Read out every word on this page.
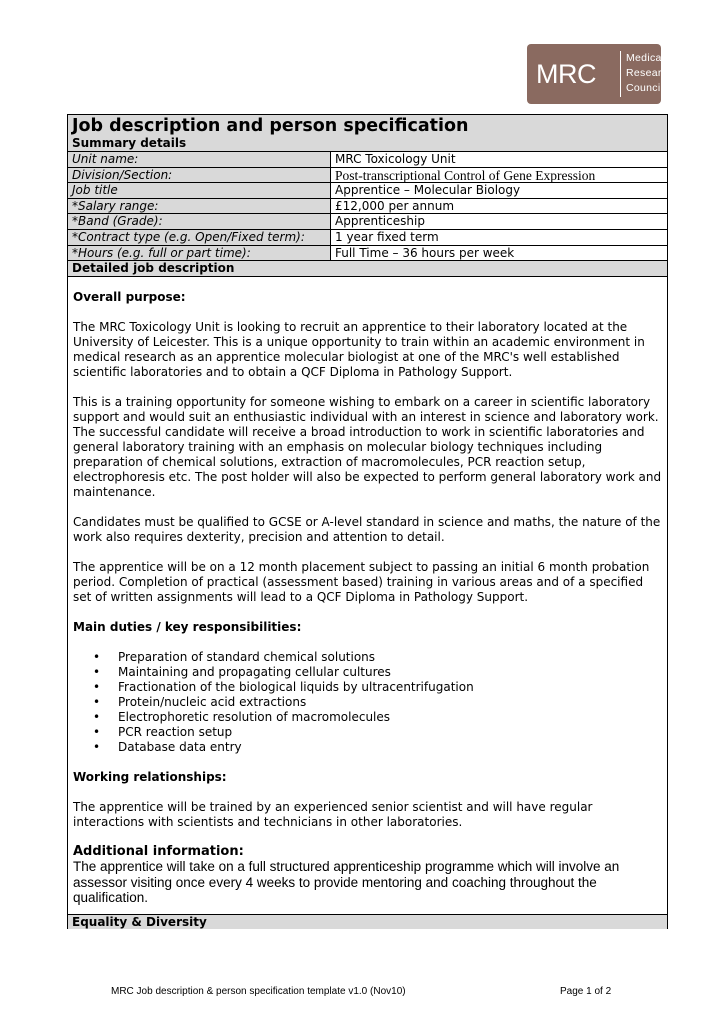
MRC
Medical
Research
Council
Job description and person specification
Summary details
Unit name:	MRC Toxicology Unit
Division/Section:	Post-transcriptional Control of Gene Expression
Job title	Apprentice – Molecular Biology
*Salary range:	£12,000 per annum
*Band (Grade):	Apprenticeship
*Contract type (e.g. Open/Fixed term):	1 year fixed term
*Hours (e.g. full or part time):	Full Time – 36 hours per week
Detailed job description
Overall purpose:

The MRC Toxicology Unit is looking to recruit an apprentice to their laboratory located at the University of Leicester. This is a unique opportunity to train within an academic environment in medical research as an apprentice molecular biologist at one of the MRC's well established scientific laboratories and to obtain a QCF Diploma in Pathology Support.

This is a training opportunity for someone wishing to embark on a career in scientific laboratory support and would suit an enthusiastic individual with an interest in science and laboratory work. The successful candidate will receive a broad introduction to work in scientific laboratories and general laboratory training with an emphasis on molecular biology techniques including preparation of chemical solutions, extraction of macromolecules, PCR reaction setup, electrophoresis etc. The post holder will also be expected to perform general laboratory work and maintenance.

Candidates must be qualified to GCSE or A-level standard in science and maths, the nature of the work also requires dexterity, precision and attention to detail.

The apprentice will be on a 12 month placement subject to passing an initial 6 month probation period. Completion of practical (assessment based) training in various areas and of a specified set of written assignments will lead to a QCF Diploma in Pathology Support.

Main duties / key responsibilities:
• Preparation of standard chemical solutions
• Maintaining and propagating cellular cultures
• Fractionation of the biological liquids by ultracentrifugation
• Protein/nucleic acid extractions
• Electrophoretic resolution of macromolecules
• PCR reaction setup
• Database data entry
Working relationships:

The apprentice will be trained by an experienced senior scientist and will have regular interactions with scientists and technicians in other laboratories.

Additional information:

The apprentice will take on a full structured apprenticeship programme which will involve an assessor visiting once every 4 weeks to provide mentoring and coaching throughout the qualification.

Equality & Diversity
MRC Job description & person specification template v1.0 (Nov10)	Page 1 of 2
